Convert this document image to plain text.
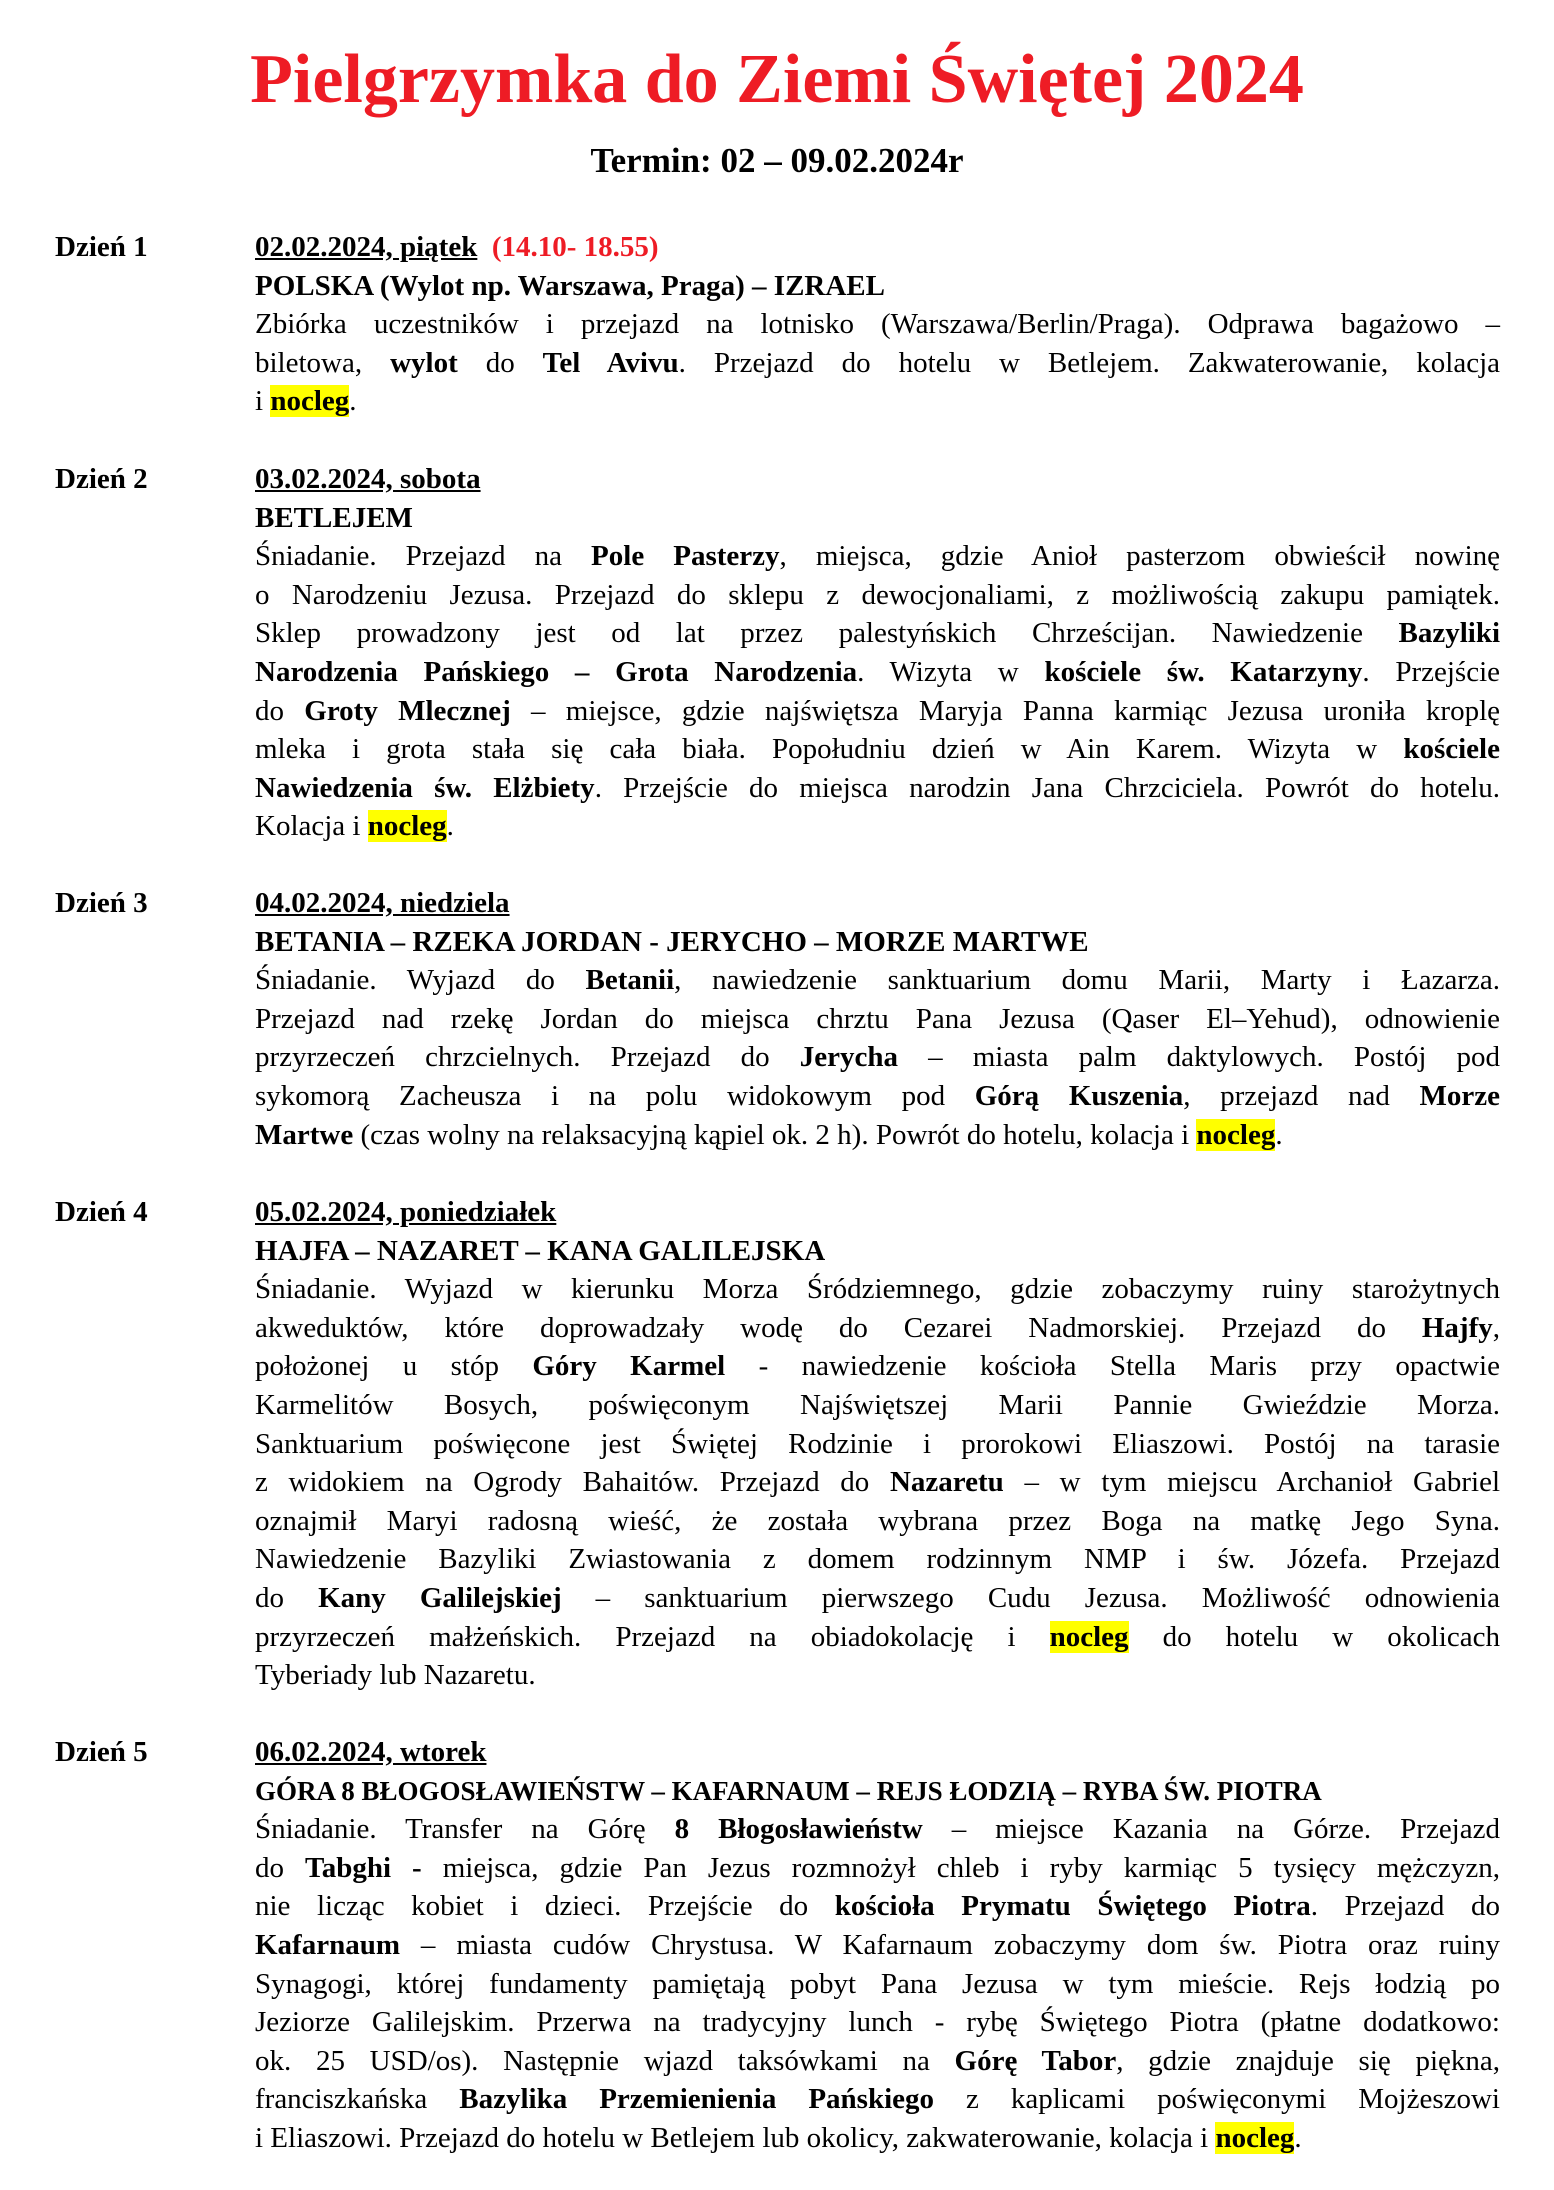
Pielgrzymka do Ziemi Świętej 2024
Termin: 02 – 09.02.2024r
Dzień 1	02.02.2024, piątek (14.10- 18.55)
POLSKA (Wylot np. Warszawa, Praga) – IZRAEL
Zbiórka uczestników i przejazd na lotnisko (Warszawa/Berlin/Praga). Odprawa bagażowo –
biletowa, wylot do Tel Avivu. Przejazd do hotelu w Betlejem. Zakwaterowanie, kolacja
i nocleg.
Dzień 2	03.02.2024, sobota
BETLEJEM
Śniadanie. Przejazd na Pole Pasterzy, miejsca, gdzie Anioł pasterzom obwieścił nowinę
o Narodzeniu Jezusa. Przejazd do sklepu z dewocjonaliami, z możliwością zakupu pamiątek.
Sklep prowadzony jest od lat przez palestyńskich Chrześcijan. Nawiedzenie Bazyliki
Narodzenia Pańskiego – Grota Narodzenia. Wizyta w kościele św. Katarzyny. Przejście
do Groty Mlecznej – miejsce, gdzie najświętsza Maryja Panna karmiąc Jezusa uroniła kroplę
mleka i grota stała się cała biała. Popołudniu dzień w Ain Karem. Wizyta w kościele
Nawiedzenia św. Elżbiety. Przejście do miejsca narodzin Jana Chrzciciela. Powrót do hotelu.
Kolacja i nocleg.
Dzień 3	04.02.2024, niedziela
BETANIA – RZEKA JORDAN - JERYCHO – MORZE MARTWE
Śniadanie. Wyjazd do Betanii, nawiedzenie sanktuarium domu Marii, Marty i Łazarza.
Przejazd nad rzekę Jordan do miejsca chrztu Pana Jezusa (Qaser El–Yehud), odnowienie
przyrzeczeń chrzcielnych. Przejazd do Jerycha – miasta palm daktylowych. Postój pod
sykomorą Zacheusza i na polu widokowym pod Górą Kuszenia, przejazd nad Morze
Martwe (czas wolny na relaksacyjną kąpiel ok. 2 h). Powrót do hotelu, kolacja i nocleg.
Dzień 4	05.02.2024, poniedziałek
HAJFA – NAZARET – KANA GALILEJSKA
Śniadanie. Wyjazd w kierunku Morza Śródziemnego, gdzie zobaczymy ruiny starożytnych
akweduktów, które doprowadzały wodę do Cezarei Nadmorskiej. Przejazd do Hajfy,
położonej u stóp Góry Karmel - nawiedzenie kościoła Stella Maris przy opactwie
Karmelitów Bosych, poświęconym Najświętszej Marii Pannie Gwieździe Morza.
Sanktuarium poświęcone jest Świętej Rodzinie i prorokowi Eliaszowi. Postój na tarasie
z widokiem na Ogrody Bahaitów. Przejazd do Nazaretu – w tym miejscu Archanioł Gabriel
oznajmił Maryi radosną wieść, że została wybrana przez Boga na matkę Jego Syna.
Nawiedzenie Bazyliki Zwiastowania z domem rodzinnym NMP i św. Józefa. Przejazd
do Kany Galilejskiej – sanktuarium pierwszego Cudu Jezusa. Możliwość odnowienia
przyrzeczeń małżeńskich. Przejazd na obiadokolację i nocleg do hotelu w okolicach
Tyberiady lub Nazaretu.
Dzień 5	06.02.2024, wtorek
GÓRA 8 BŁOGOSŁAWIEŃSTW – KAFARNAUM – REJS ŁODZIĄ – RYBA ŚW. PIOTRA
Śniadanie. Transfer na Górę 8 Błogosławieństw – miejsce Kazania na Górze. Przejazd
do Tabghi - miejsca, gdzie Pan Jezus rozmnożył chleb i ryby karmiąc 5 tysięcy mężczyzn,
nie licząc kobiet i dzieci. Przejście do kościoła Prymatu Świętego Piotra. Przejazd do
Kafarnaum – miasta cudów Chrystusa. W Kafarnaum zobaczymy dom św. Piotra oraz ruiny
Synagogi, której fundamenty pamiętają pobyt Pana Jezusa w tym mieście. Rejs łodzią po
Jeziorze Galilejskim. Przerwa na tradycyjny lunch - rybę Świętego Piotra (płatne dodatkowo:
ok. 25 USD/os). Następnie wjazd taksówkami na Górę Tabor, gdzie znajduje się piękna,
franciszkańska Bazylika Przemienienia Pańskiego z kaplicami poświęconymi Mojżeszowi
i Eliaszowi. Przejazd do hotelu w Betlejem lub okolicy, zakwaterowanie, kolacja i nocleg.
